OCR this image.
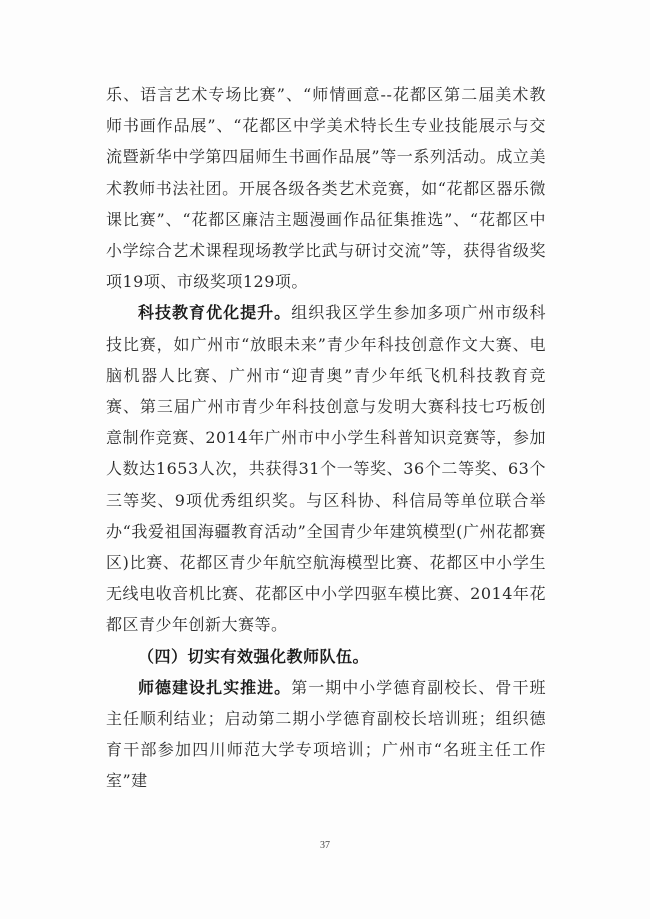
乐、语言艺术专场比赛”、“师情画意--花都区第二届美术教师书画作品展”、“花都区中学美术特长生专业技能展示与交流暨新华中学第四届师生书画作品展”等一系列活动。成立美术教师书法社团。开展各级各类艺术竞赛，如“花都区器乐微课比赛”、“花都区廉洁主题漫画作品征集推选”、“花都区中小学综合艺术课程现场教学比武与研讨交流”等，获得省级奖项19项、市级奖项129项。

科技教育优化提升。组织我区学生参加多项广州市级科技比赛，如广州市“放眼未来”青少年科技创意作文大赛、电脑机器人比赛、广州市“迎青奥”青少年纸飞机科技教育竞赛、第三届广州市青少年科技创意与发明大赛科技七巧板创意制作竞赛、2014年广州市中小学生科普知识竞赛等，参加人数达1653人次，共获得31个一等奖、36个二等奖、63个三等奖、9项优秀组织奖。与区科协、科信局等单位联合举办“我爱祖国海疆教育活动”全国青少年建筑模型(广州花都赛区)比赛、花都区青少年航空航海模型比赛、花都区中小学生无线电收音机比赛、花都区中小学四驱车模比赛、2014年花都区青少年创新大赛等。

（四）切实有效强化教师队伍。

师德建设扎实推进。第一期中小学德育副校长、骨干班主任顺利结业；启动第二期小学德育副校长培训班；组织德育干部参加四川师范大学专项培训；广州市“名班主任工作室”建

37
